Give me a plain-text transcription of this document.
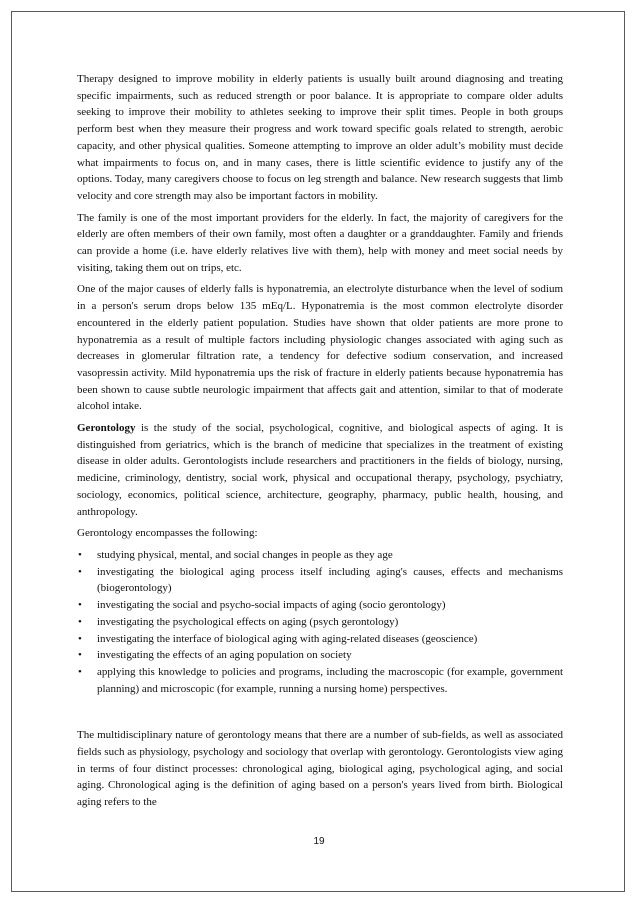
Therapy designed to improve mobility in elderly patients is usually built around diagnosing and treating specific impairments, such as reduced strength or poor balance. It is appropriate to compare older adults seeking to improve their mobility to athletes seeking to improve their split times. People in both groups perform best when they measure their progress and work toward specific goals related to strength, aerobic capacity, and other physical qualities. Someone attempting to improve an older adult’s mobility must decide what impairments to focus on, and in many cases, there is little scientific evidence to justify any of the options. Today, many caregivers choose to focus on leg strength and balance. New research suggests that limb velocity and core strength may also be important factors in mobility.

The family is one of the most important providers for the elderly. In fact, the majority of caregivers for the elderly are often members of their own family, most often a daughter or a granddaughter. Family and friends can provide a home (i.e. have elderly relatives live with them), help with money and meet social needs by visiting, taking them out on trips, etc.

One of the major causes of elderly falls is hyponatremia, an electrolyte disturbance when the level of sodium in a person's serum drops below 135 mEq/L. Hyponatremia is the most common electrolyte disorder encountered in the elderly patient population. Studies have shown that older patients are more prone to hyponatremia as a result of multiple factors including physiologic changes associated with aging such as decreases in glomerular filtration rate, a tendency for defective sodium conservation, and increased vasopressin activity. Mild hyponatremia ups the risk of fracture in elderly patients because hyponatremia has been shown to cause subtle neurologic impairment that affects gait and attention, similar to that of moderate alcohol intake.

Gerontology is the study of the social, psychological, cognitive, and biological aspects of aging. It is distinguished from geriatrics, which is the branch of medicine that specializes in the treatment of existing disease in older adults. Gerontologists include researchers and practitioners in the fields of biology, nursing, medicine, criminology, dentistry, social work, physical and occupational therapy, psychology, psychiatry, sociology, economics, political science, architecture, geography, pharmacy, public health, housing, and anthropology.

Gerontology encompasses the following:

• studying physical, mental, and social changes in people as they age
• investigating the biological aging process itself including aging's causes, effects and mechanisms (biogerontology)
• investigating the social and psycho-social impacts of aging (socio gerontology)
• investigating the psychological effects on aging (psych gerontology)
• investigating the interface of biological aging with aging-related diseases (geoscience)
• investigating the effects of an aging population on society
• applying this knowledge to policies and programs, including the macroscopic (for example, government planning) and microscopic (for example, running a nursing home) perspectives.

The multidisciplinary nature of gerontology means that there are a number of sub-fields, as well as associated fields such as physiology, psychology and sociology that overlap with gerontology. Gerontologists view aging in terms of four distinct processes: chronological aging, biological aging, psychological aging, and social aging. Chronological aging is the definition of aging based on a person's years lived from birth. Biological aging refers to the

19
